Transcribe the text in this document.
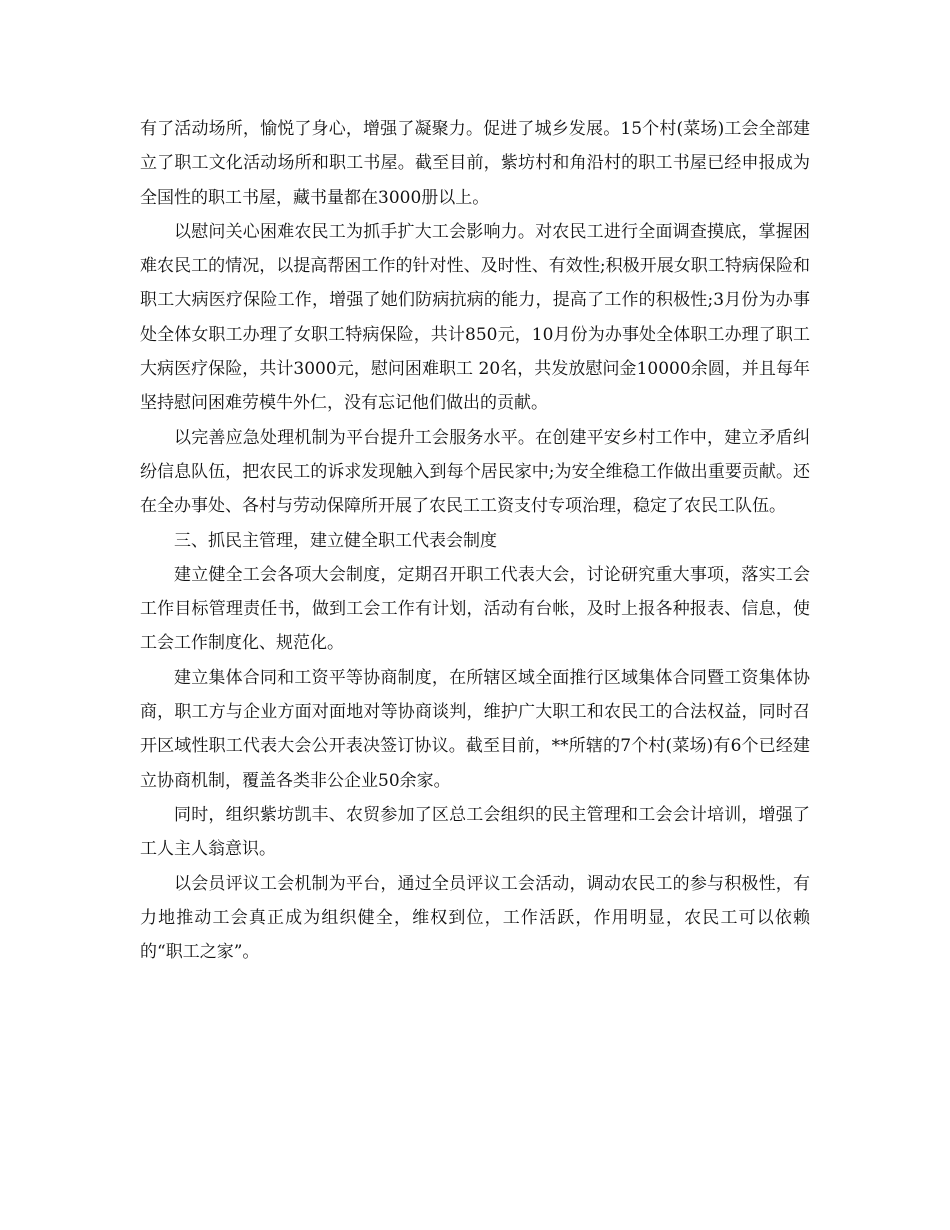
有了活动场所，愉悦了身心，增强了凝聚力。促进了城乡发展。15个村(菜场)工会全部建立了职工文化活动场所和职工书屋。截至目前，紫坊村和角沿村的职工书屋已经申报成为全国性的职工书屋，藏书量都在3000册以上。

以慰问关心困难农民工为抓手扩大工会影响力。对农民工进行全面调查摸底，掌握困难农民工的情况，以提高帮困工作的针对性、及时性、有效性;积极开展女职工特病保险和职工大病医疗保险工作，增强了她们防病抗病的能力，提高了工作的积极性;3月份为办事处全体女职工办理了女职工特病保险，共计850元，10月份为办事处全体职工办理了职工大病医疗保险，共计3000元，慰问困难职工 20名，共发放慰问金10000余圆，并且每年坚持慰问困难劳模牛外仁，没有忘记他们做出的贡献。

以完善应急处理机制为平台提升工会服务水平。在创建平安乡村工作中，建立矛盾纠纷信息队伍，把农民工的诉求发现触入到每个居民家中;为安全维稳工作做出重要贡献。还在全办事处、各村与劳动保障所开展了农民工工资支付专项治理，稳定了农民工队伍。

三、抓民主管理，建立健全职工代表会制度

建立健全工会各项大会制度，定期召开职工代表大会，讨论研究重大事项，落实工会工作目标管理责任书，做到工会工作有计划，活动有台帐，及时上报各种报表、信息，使工会工作制度化、规范化。

建立集体合同和工资平等协商制度，在所辖区域全面推行区域集体合同暨工资集体协商，职工方与企业方面对面地对等协商谈判，维护广大职工和农民工的合法权益，同时召开区域性职工代表大会公开表决签订协议。截至目前，**所辖的7个村(菜场)有6个已经建立协商机制，覆盖各类非公企业50余家。

同时，组织紫坊凯丰、农贸参加了区总工会组织的民主管理和工会会计培训，增强了工人主人翁意识。

以会员评议工会机制为平台，通过全员评议工会活动，调动农民工的参与积极性，有力地推动工会真正成为组织健全，维权到位，工作活跃，作用明显，农民工可以依赖的“职工之家”。
